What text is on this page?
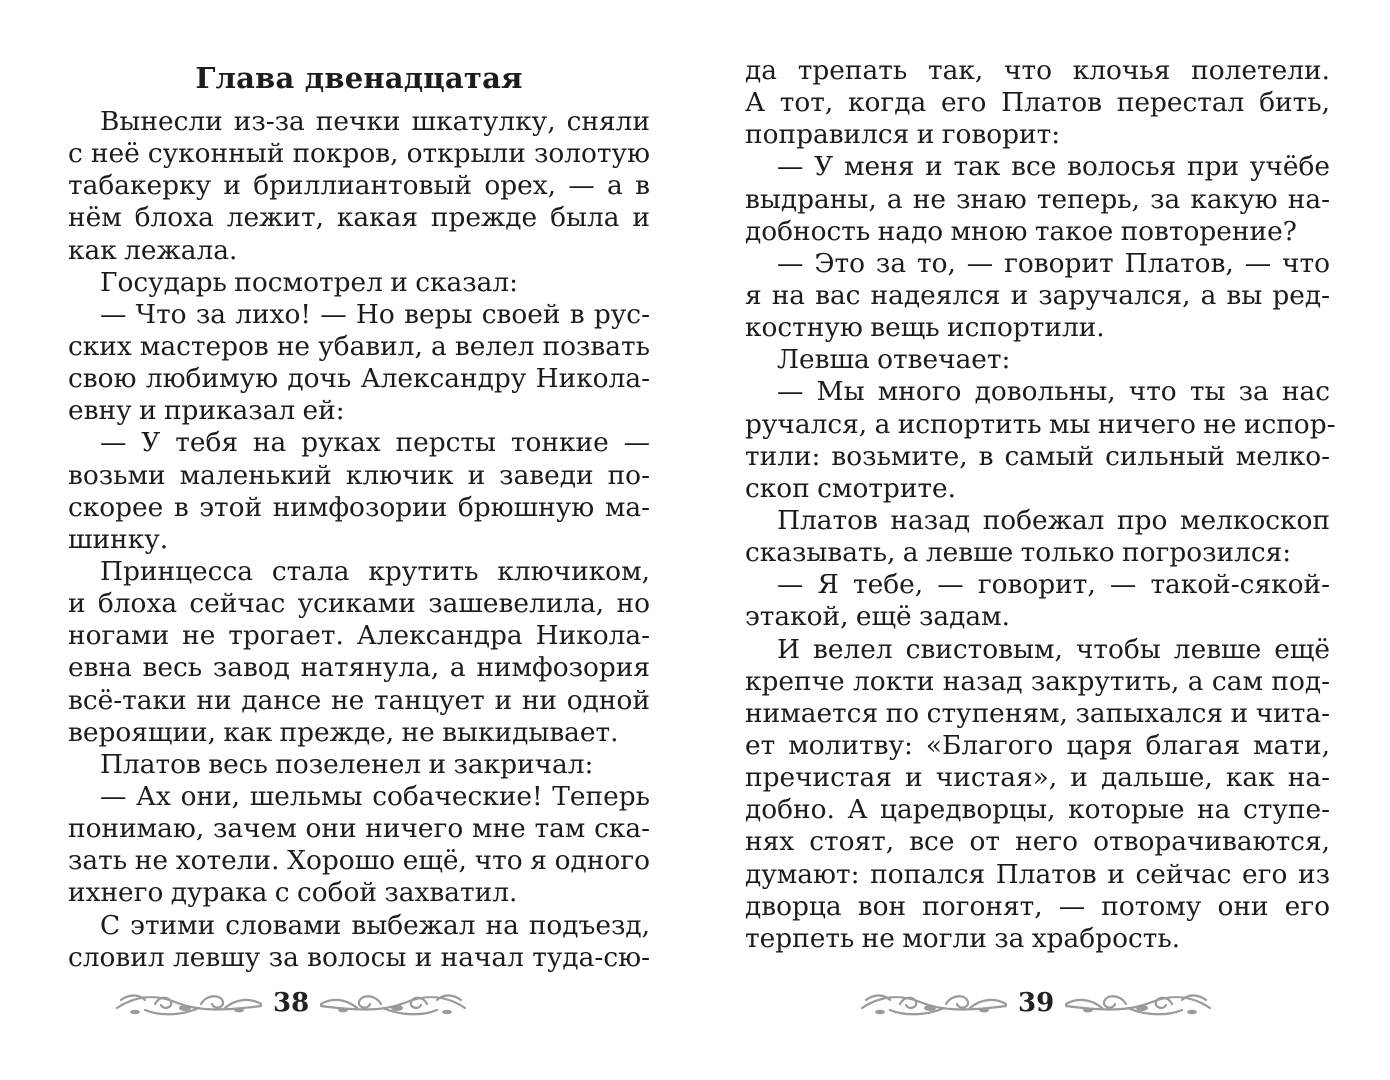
Глава двенадцатая
Вынесли из-за печки шкатулку, сняли
с неё суконный покров, открыли золотую
табакерку и бриллиантовый орех, — а в
нём блоха лежит, какая прежде была и
как лежала.
Государь посмотрел и сказал:
— Что за лихо! — Но веры своей в рус-
ских мастеров не убавил, а велел позвать
свою любимую дочь Александру Никола-
евну и приказал ей:
— У тебя на руках персты тонкие —
возьми маленький ключик и заведи по-
скорее в этой нимфозории брюшную ма-
шинку.
Принцесса стала крутить ключиком,
и блоха сейчас усиками зашевелила, но
ногами не трогает. Александра Никола-
евна весь завод натянула, а нимфозория
всё-таки ни дансе не танцует и ни одной
вероящии, как прежде, не выкидывает.
Платов весь позеленел и закричал:
— Ах они, шельмы собачеcкие! Теперь
понимаю, зачем они ничего мне там ска-
зать не хотели. Хорошо ещё, что я одного
ихнего дурака с собой захватил.
С этими словами выбежал на подъезд,
словил левшу за волосы и начал туда-сю-
38
да трепать так, что клочья полетели.
А тот, когда его Платов перестал бить,
поправился и говорит:
— У меня и так все волосья при учёбе
выдраны, а не знаю теперь, за какую на-
добность надо мною такое повторение?
— Это за то, — говорит Платов, — что
я на вас надеялся и заручался, а вы ред-
костную вещь испортили.
Левша отвечает:
— Мы много довольны, что ты за нас
ручался, а испортить мы ничего не испор-
тили: возьмите, в самый сильный мелко-
скоп смотрите.
Платов назад побежал про мелкоскоп
сказывать, а левше только погрозился:
— Я тебе, — говорит, — такой-сякой-
этакой, ещё задам.
И велел свистовым, чтобы левше ещё
крепче локти назад закрутить, а сам под-
нимается по ступеням, запыхался и чита-
ет молитву: «Благого царя благая мати,
пречистая и чистая», и дальше, как на-
добно. А царедворцы, которые на ступе-
нях стоят, все от него отворачиваются,
думают: попался Платов и сейчас его из
дворца вон погонят, — потому они его
терпеть не могли за храбрость.
39
